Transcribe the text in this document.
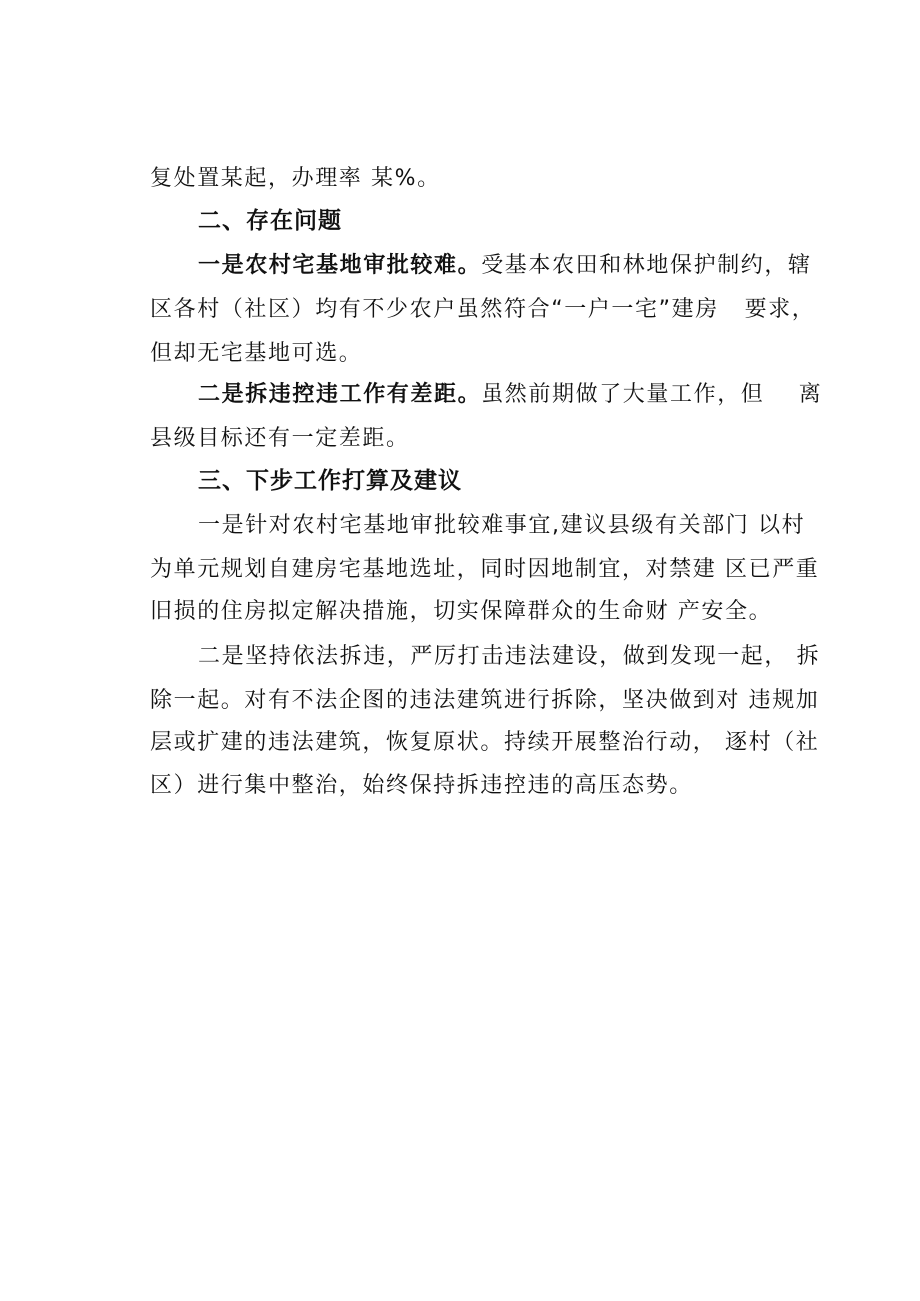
复处置某起，办理率 某%。
二、存在问题
一是农村宅基地审批较难。受基本农田和林地保护制约，辖
区各村（社区）均有不少农户虽然符合“一户一宅”建房   要求，
但却无宅基地可选。
二是拆违控违工作有差距。虽然前期做了大量工作，但    离
县级目标还有一定差距。
三、下步工作打算及建议
一是针对农村宅基地审批较难事宜,建议县级有关部门 以村
为单元规划自建房宅基地选址，同时因地制宜，对禁建 区已严重
旧损的住房拟定解决措施，切实保障群众的生命财 产安全。
二是坚持依法拆违，严厉打击违法建设，做到发现一起， 拆
除一起。对有不法企图的违法建筑进行拆除，坚决做到对 违规加
层或扩建的违法建筑，恢复原状。持续开展整治行动， 逐村（社
区）进行集中整治，始终保持拆违控违的高压态势。
